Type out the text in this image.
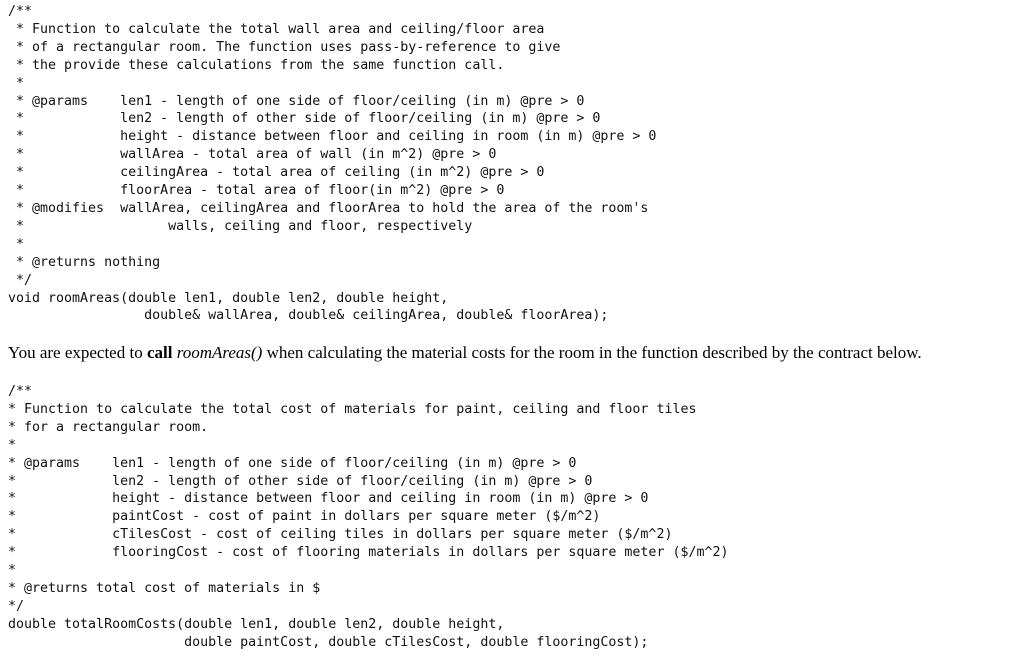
/**
* Function to calculate the total wall area and ceiling/floor area
* of a rectangular room. The function uses pass-by-reference to give
* the provide these calculations from the same function call.
*
* @params    len1 - length of one side of floor/ceiling (in m) @pre > 0
*            len2 - length of other side of floor/ceiling (in m) @pre > 0
*            height - distance between floor and ceiling in room (in m) @pre > 0
*            wallArea - total area of wall (in m^2) @pre > 0
*            ceilingArea - total area of ceiling (in m^2) @pre > 0
*            floorArea - total area of floor(in m^2) @pre > 0
* @modifies  wallArea, ceilingArea and floorArea to hold the area of the room's
*                  walls, ceiling and floor, respectively
*
* @returns nothing
*/
void roomAreas(double len1, double len2, double height,
double& wallArea, double& ceilingArea, double& floorArea);

You are expected to call roomAreas() when calculating the material costs for the room in the function described by the contract below.

/**
* Function to calculate the total cost of materials for paint, ceiling and floor tiles
* for a rectangular room.
*
* @params    len1 - length of one side of floor/ceiling (in m) @pre > 0
*            len2 - length of other side of floor/ceiling (in m) @pre > 0
*            height - distance between floor and ceiling in room (in m) @pre > 0
*            paintCost - cost of paint in dollars per square meter ($/m^2)
*            cTilesCost - cost of ceiling tiles in dollars per square meter ($/m^2)
*            flooringCost - cost of flooring materials in dollars per square meter ($/m^2)
*
* @returns total cost of materials in $
*/
double totalRoomCosts(double len1, double len2, double height,
double paintCost, double cTilesCost, double flooringCost);
